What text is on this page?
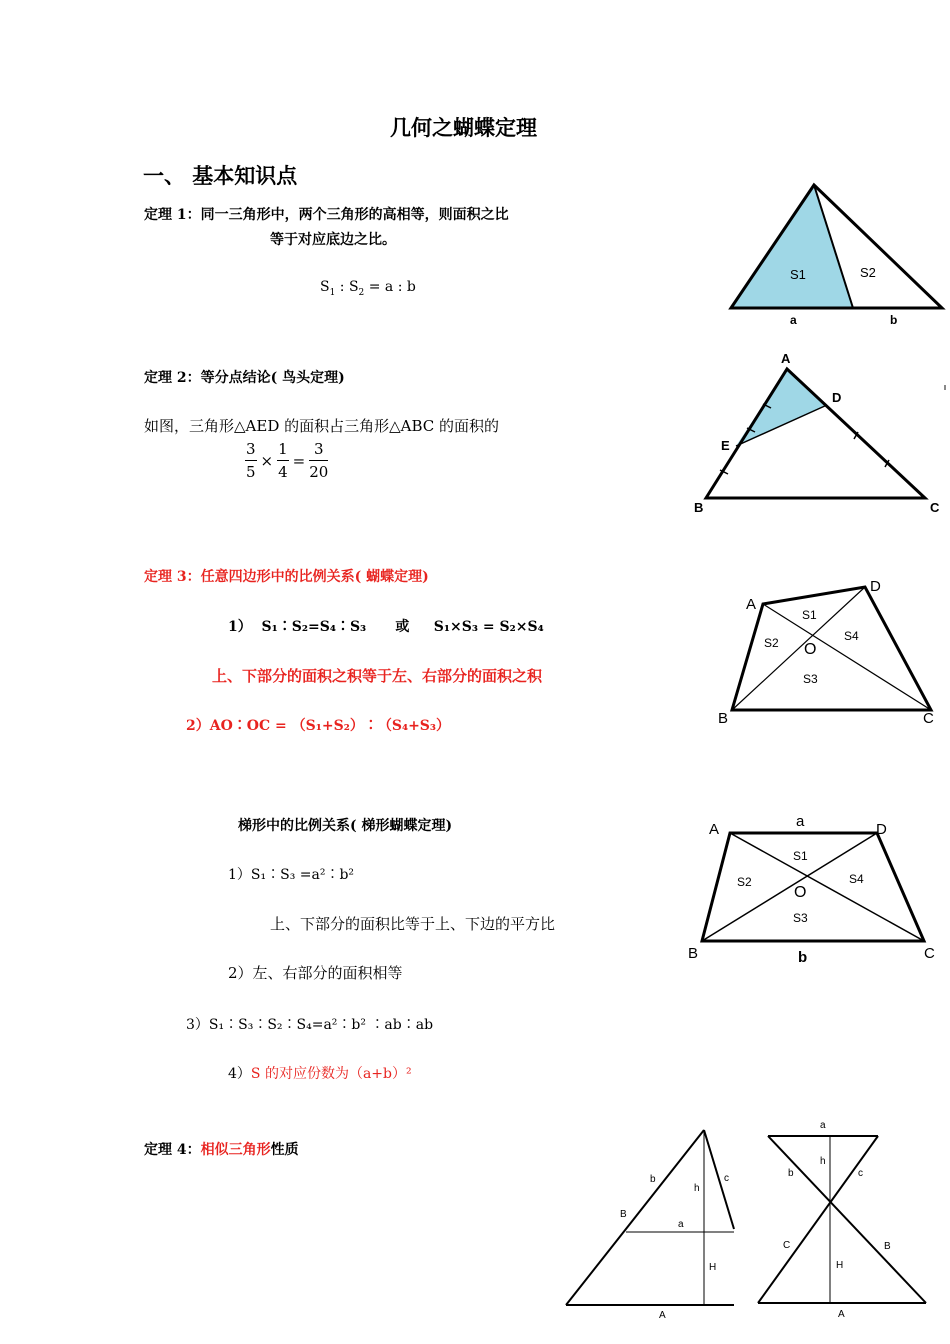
几何之蝴蝶定理
一、 基本知识点
定理 1：同一三角形中，两个三角形的高相等，则面积之比
等于对应底边之比。
$S_1$ : $S_2 = a$ : b
S1	S2
a	b
定理 2：等分点结论( 鸟头定理)
如图，三角形△AED 的面积占三角形△ABC 的面积的
$\frac{3}{5} \times \frac{1}{4} = \frac{3}{20}$
A
D
E
B	C
定理 3：任意四边形中的比例关系( 蝴蝶定理)
1）  S₁∶S₂=S₄∶S₃      或     S₁×S₃ = S₂×S₄
上、下部分的面积之积等于左、右部分的面积之积
2）AO∶OC = （S₁+S₂）∶（S₄+S₃）
A
D
B	C
O
S1
S2
S3
S4
梯形中的比例关系( 梯形蝴蝶定理)
1）S₁∶S₃ =a²∶b²
上、下部分的面积比等于上、下边的平方比
2）左、右部分的面积相等
3）S₁∶S₃∶S₂∶S₄=a²∶b² ∶ab∶ab
4）S 的对应份数为（a+b）²
A	D
B	C
a
b
O
S1
S2
S3
S4
定理 4：相似三角形性质
b	c
h
B
a
H
A
a
h
b	c
C
H
B
A
